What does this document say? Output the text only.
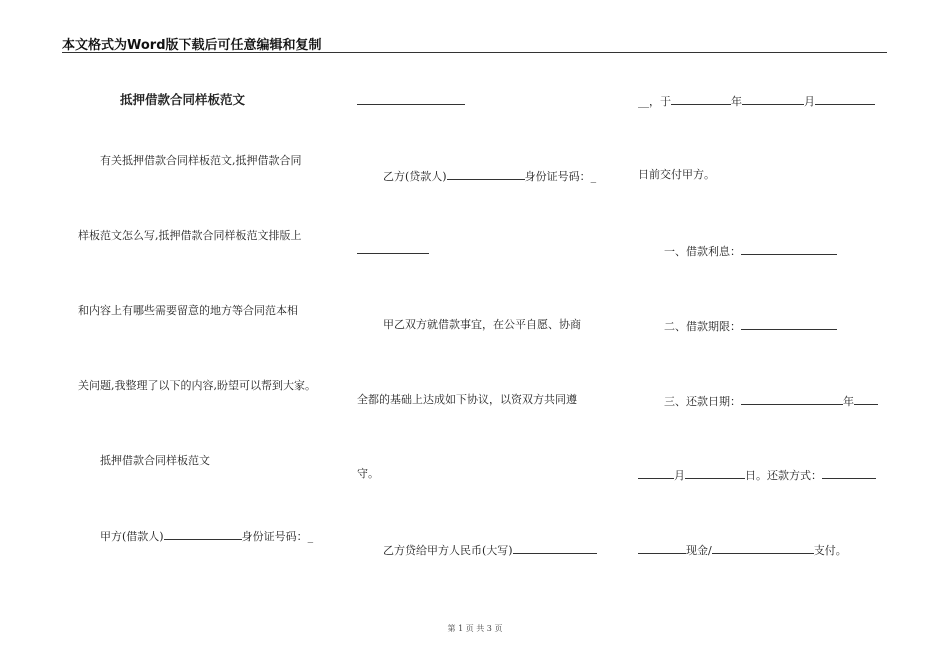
本文格式为Word版下载后可任意编辑和复制
抵押借款合同样板范文
有关抵押借款合同样板范文,抵押借款合同
样板范文怎么写,抵押借款合同样板范文排版上
和内容上有哪些需要留意的地方等合同范本相
关问题,我整理了以下的内容,盼望可以帮到大家。
抵押借款合同样板范文
甲方(借款人)	身份证号码：_
乙方(贷款人)	身份证号码：_
甲乙双方就借款事宜，在公平自愿、协商
全都的基础上达成如下协议，以资双方共同遵
守。
乙方贷给甲方人民币(大写)
__，于	年	月
日前交付甲方。
一、借款利息：
二、借款期限：
三、还款日期：	年
月	日。还款方式：
现金/	支付。
第 1 页 共 3 页
